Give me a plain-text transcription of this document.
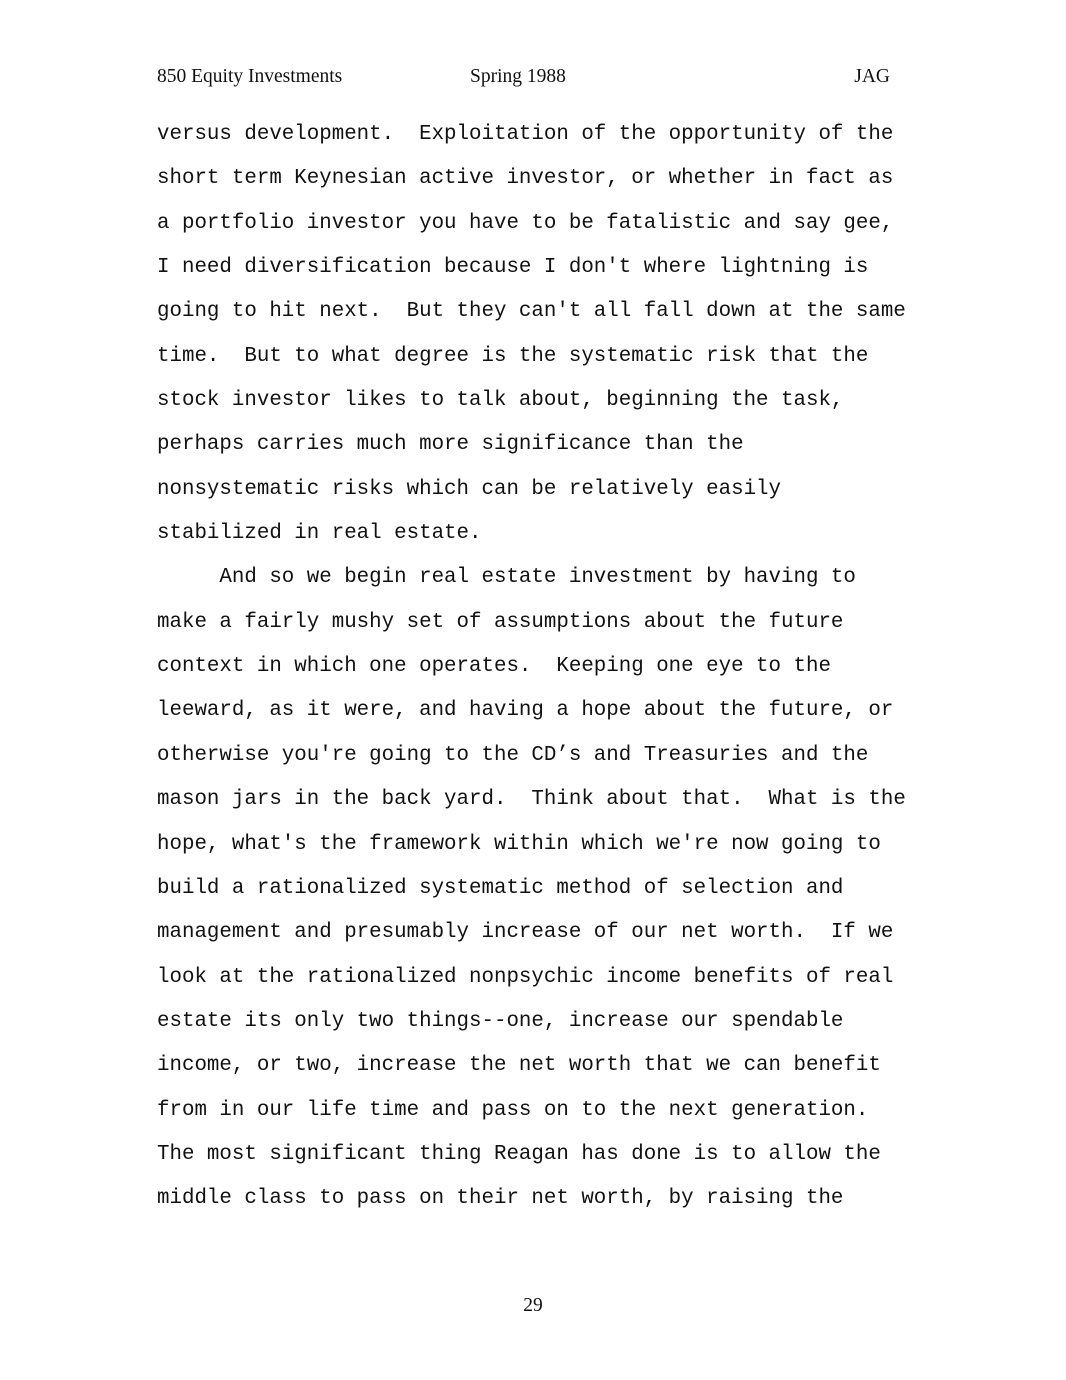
850 Equity Investments	Spring 1988	JAG
versus development.  Exploitation of the opportunity of the
short term Keynesian active investor, or whether in fact as
a portfolio investor you have to be fatalistic and say gee,
I need diversification because I don't where lightning is
going to hit next.  But they can't all fall down at the same
time.  But to what degree is the systematic risk that the
stock investor likes to talk about, beginning the task,
perhaps carries much more significance than the
nonsystematic risks which can be relatively easily
stabilized in real estate.
And so we begin real estate investment by having to
make a fairly mushy set of assumptions about the future
context in which one operates.  Keeping one eye to the
leeward, as it were, and having a hope about the future, or
otherwise you're going to the CD’s and Treasuries and the
mason jars in the back yard.  Think about that.  What is the
hope, what's the framework within which we're now going to
build a rationalized systematic method of selection and
management and presumably increase of our net worth.  If we
look at the rationalized nonpsychic income benefits of real
estate its only two things--one, increase our spendable
income, or two, increase the net worth that we can benefit
from in our life time and pass on to the next generation.
The most significant thing Reagan has done is to allow the
middle class to pass on their net worth, by raising the
29
